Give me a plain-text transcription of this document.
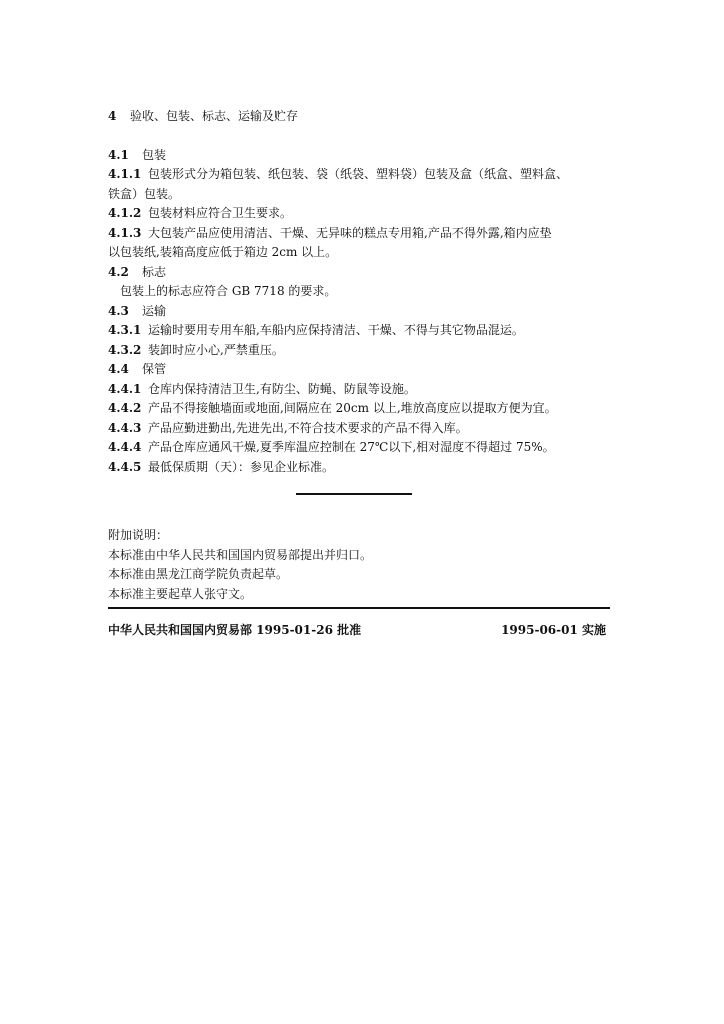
4 验收、包装、标志、运输及贮存
4.1 包装
4.1.1 包装形式分为箱包装、纸包装、袋（纸袋、塑料袋）包装及盒（纸盒、塑料盒、
铁盒）包装。
4.1.2 包装材料应符合卫生要求。
4.1.3 大包装产品应使用清洁、干燥、无异味的糕点专用箱,产品不得外露,箱内应垫
以包装纸,装箱高度应低于箱边 2cm 以上。
4.2 标志
包装上的标志应符合 GB 7718 的要求。
4.3 运输
4.3.1 运输时要用专用车船,车船内应保持清洁、干燥、不得与其它物品混运。
4.3.2 装卸时应小心,严禁重压。
4.4 保管
4.4.1 仓库内保持清洁卫生,有防尘、防蝇、防鼠等设施。
4.4.2 产品不得接触墙面或地面,间隔应在 20cm 以上,堆放高度应以提取方便为宜。
4.4.3 产品应勤进勤出,先进先出,不符合技术要求的产品不得入库。
4.4.4 产品仓库应通风干燥,夏季库温应控制在 27℃以下,相对湿度不得超过 75%。
4.4.5 最低保质期（天）：参见企业标准。
附加说明：
本标准由中华人民共和国国内贸易部提出并归口。
本标准由黑龙江商学院负责起草。
本标准主要起草人张守文。
中华人民共和国国内贸易部 1995-01-26 批准	1995-06-01 实施
